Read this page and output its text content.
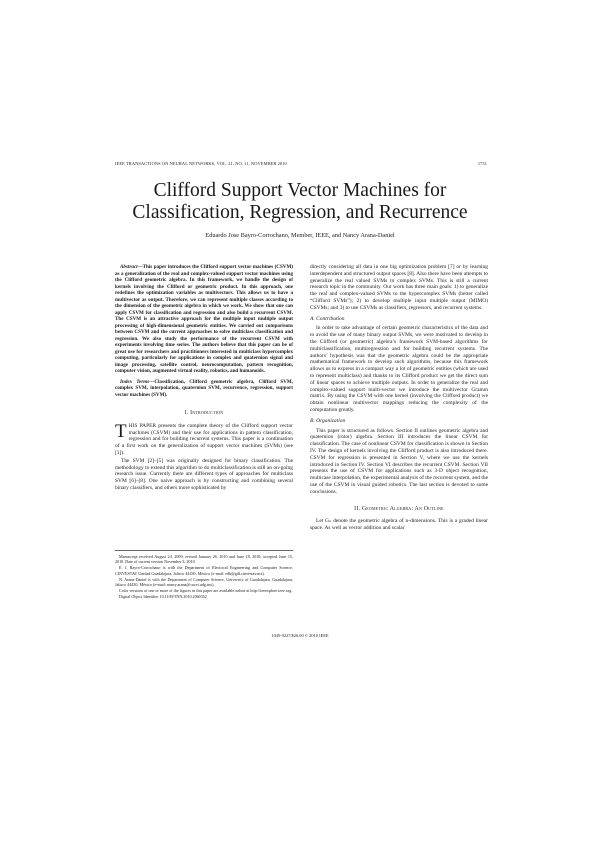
IEEE TRANSACTIONS ON NEURAL NETWORKS, VOL. 21, NO. 11, NOVEMBER 2010	1731
Clifford Support Vector Machines for
Classification, Regression, and Recurrence
Eduardo Jose Bayro-Corrochano, Member, IEEE, and Nancy Arana-Daniel
Abstract—This paper introduces the Clifford support vector machines (CSVM) as a generalization of the real and complex-valued support vector machines using the Clifford geometric algebra. In this framework, we handle the design of kernels involving the Clifford or geometric product. In this approach, one redefines the optimization variables as multivectors. This allows us to have a multivector as output. Therefore, we can represent multiple classes according to the dimension of the geometric algebra in which we work. We show that one can apply CSVM for classification and regression and also build a recurrent CSVM. The CSVM is an attractive approach for the multiple input multiple output processing of high-dimensional geometric entities. We carried out comparisons between CSVM and the current approaches to solve multiclass classification and regression. We also study the performance of the recurrent CSVM with experiments involving time series. The authors believe that this paper can be of great use for researchers and practitioners interested in multiclass hypercomplex computing, particularly for applications in complex and quaternion signal and image processing, satellite control, neurocomputation, pattern recognition, computer vision, augmented virtual reality, robotics, and humanoids.
Index Terms—Classification, Clifford geometric algebra, Clifford SVM, complex SVM, interpolation, quaternion SVM, recurrence, regression, support vector machines (SVM).
I. Introduction

THIS PAPER presents the complete theory of the Clifford support vector machines (CSVM) and their use for applications in pattern classification, regression and for building recurrent systems. This paper is a continuation of a first work on the generalization of support vector machines (SVMs) (see [1]).

The SVM [2]–[5] was originally designed for binary classification. The methodology to extend this algorithm to do multiclassification is still an on-going research issue. Currently there are different types of approaches for multiclass SVM [6]–[8]. One naive approach is by constructing and combining several binary classifiers, and others more sophisticated by

Manuscript received August 24, 2009; revised January 26, 2010 and June 18, 2010; accepted June 15, 2010. Date of current version November 3, 2010.

E. J. Bayro-Corrochano is with the Department of Electrical Engineering and Computer Science, CINVESTAV Unidad Guadalajara, Jalisco 44430, México (e-mail: edb@gdl.cinvestav.mx).

N. Arana-Daniel is with the Department of Computer Science, University of Guadalajara, Guadalajara, Jalisco 44430, México (e-mail: nancy.arana@cucei.udg.mx).

Color versions of one or more of the figures in this paper are available online at http://ieeexplore.ieee.org.

Digital Object Identifier 10.1109/TNN.2010.2060352

directly considering all data in one big optimization problem [7] or by learning interdependent and structured output spaces [8]. Also there have been attempts to generalize the real valued SVMs to complex SVMs. This is still a current research topic in the community. Our work has three main goals: 1) to generalize the real and complex-valued SVMs to the hypercomplex SVMs (better called “Clifford SVMs”); 2) to develop multiple input multiple output (MIMO) CSVMs; and 3) to use CSVMs as classifiers, regressors, and recurrent systems.

A. Contribution

In order to take advantage of certain geometric characteristics of the data and to avoid the use of many binary output SVMs, we were motivated to develop in the Clifford (or geometric) algebra’s framework SVM-based algorithms for multiclassification, multiregression and for building recurrent systems. The authors’ hypothesis was that the geometric algebra could be the appropriate mathematical framework to develop such algorithms, because this framework allows us to express in a compact way a lot of geometric entities (which are used to represent multiclass) and thanks to its Clifford product we get the direct sum of linear spaces to achieve multiple outputs. In order to generalize the real and complex-valued support multi-vector we introduce the multivector Gramm matrix. By using the CSVM with one kernel (involving the Clifford product) we obtain nonlinear multivector mappings reducing the complexity of the computation greatly.

B. Organization

This paper is structured as follows. Section II outlines geometric algebra and quaternion (rotor) algebra. Section III introduces the linear CSVM for classification. The case of nonlinear CSVM for classification is shown in Section IV. The design of kernels involving the Clifford product is also introduced there. CSVM for regression is presented in Section V, where we use the kernels introduced in Section IV. Section VI describes the recurrent CSVM. Section VII presents the use of CSVM for applications such as 3-D object recognition, multicase interpolation, the experimental analysis of the recurrent system, and the use of the CSVM in visual guided robotics. The last section is devoted to some conclusions.

II. Geometric Algebra: An Outline

Let Gₙ denote the geometric algebra of n-dimensions. This is a graded linear space. As well as vector addition and scalar

1045-9227/$26.00 © 2010 IEEE
